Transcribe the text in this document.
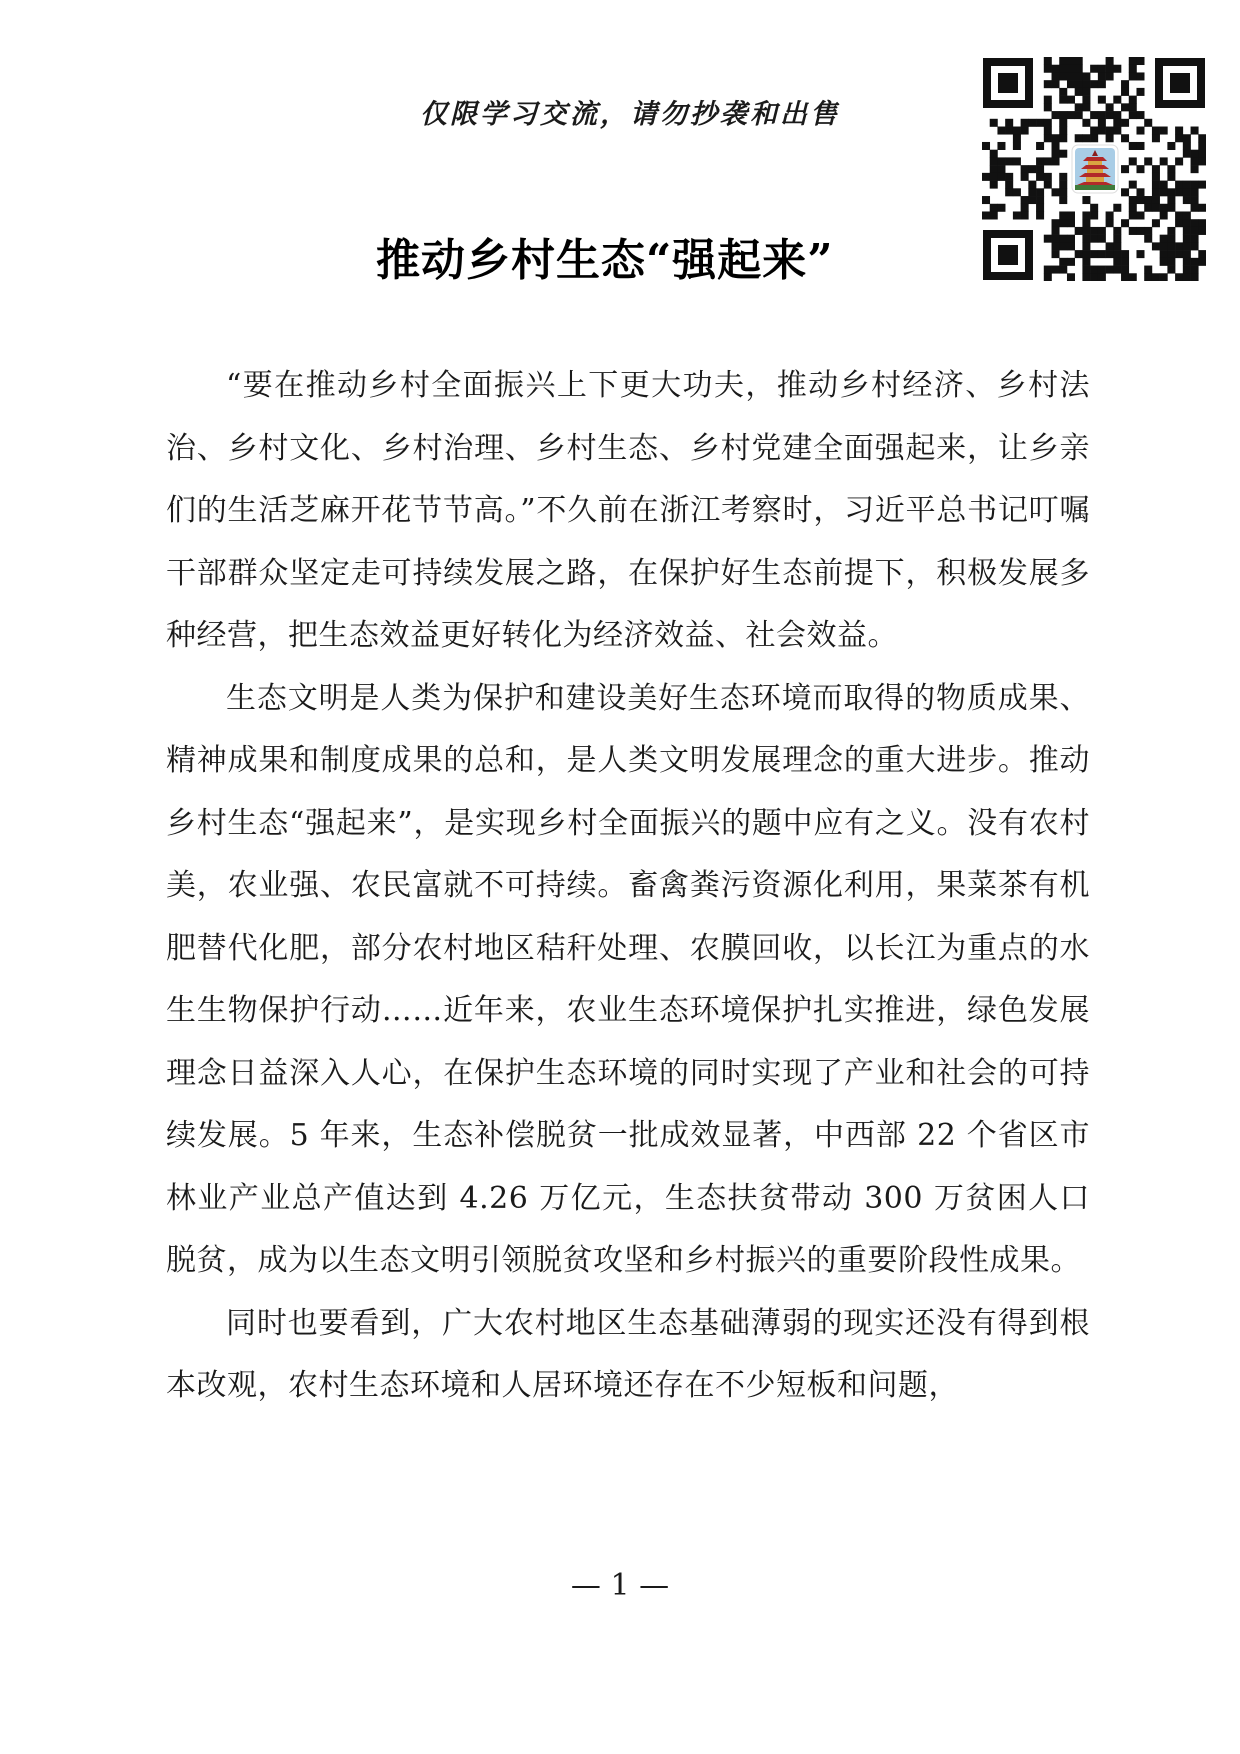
仅限学习交流，请勿抄袭和出售
推动乡村生态“强起来”

“要在推动乡村全面振兴上下更大功夫，推动乡村经济、乡村法治、乡村文化、乡村治理、乡村生态、乡村党建全面强起来，让乡亲们的生活芝麻开花节节高。”不久前在浙江考察时，习近平总书记叮嘱干部群众坚定走可持续发展之路，在保护好生态前提下，积极发展多种经营，把生态效益更好转化为经济效益、社会效益。

生态文明是人类为保护和建设美好生态环境而取得的物质成果、精神成果和制度成果的总和，是人类文明发展理念的重大进步。推动乡村生态“强起来”，是实现乡村全面振兴的题中应有之义。没有农村美，农业强、农民富就不可持续。畜禽粪污资源化利用，果菜茶有机肥替代化肥，部分农村地区秸秆处理、农膜回收，以长江为重点的水生生物保护行动……近年来，农业生态环境保护扎实推进，绿色发展理念日益深入人心，在保护生态环境的同时实现了产业和社会的可持续发展。5 年来，生态补偿脱贫一批成效显著，中西部 22 个省区市林业产业总产值达到 4.26 万亿元，生态扶贫带动 300 万贫困人口脱贫，成为以生态文明引领脱贫攻坚和乡村振兴的重要阶段性成果。

同时也要看到，广大农村地区生态基础薄弱的现实还没有得到根本改观，农村生态环境和人居环境还存在不少短板和问题，

— 1 —
